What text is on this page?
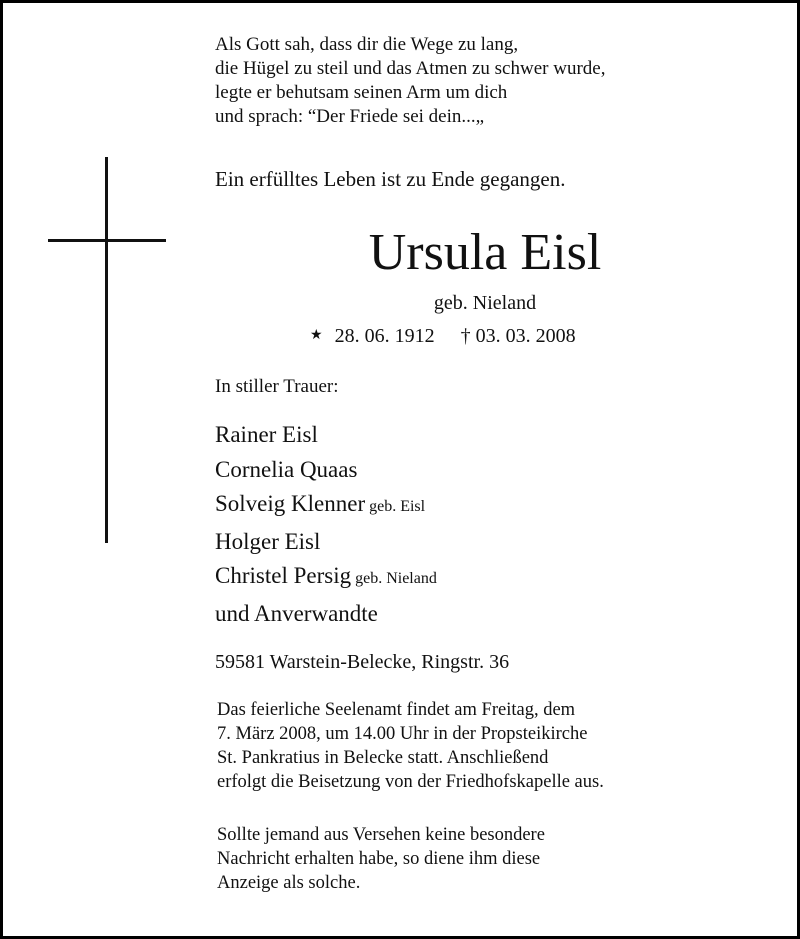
Als Gott sah, dass dir die Wege zu lang,
die Hügel zu steil und das Atmen zu schwer wurde,
legte er behutsam seinen Arm um dich
und sprach: “Der Friede sei dein...„
Ein erfülltes Leben ist zu Ende gegangen.
Ursula Eisl
geb. Nieland
★ 28. 06. 1912 † 03. 03. 2008
In stiller Trauer:
Rainer Eisl
Cornelia Quaas
Solveig Klenner geb. Eisl
Holger Eisl
Christel Persig geb. Nieland
und Anverwandte
59581 Warstein-Belecke, Ringstr. 36
Das feierliche Seelenamt findet am Freitag, dem
7. März 2008, um 14.00 Uhr in der Propsteikirche
St. Pankratius in Belecke statt. Anschließend
erfolgt die Beisetzung von der Friedhofskapelle aus.
Sollte jemand aus Versehen keine besondere
Nachricht erhalten habe, so diene ihm diese
Anzeige als solche.
